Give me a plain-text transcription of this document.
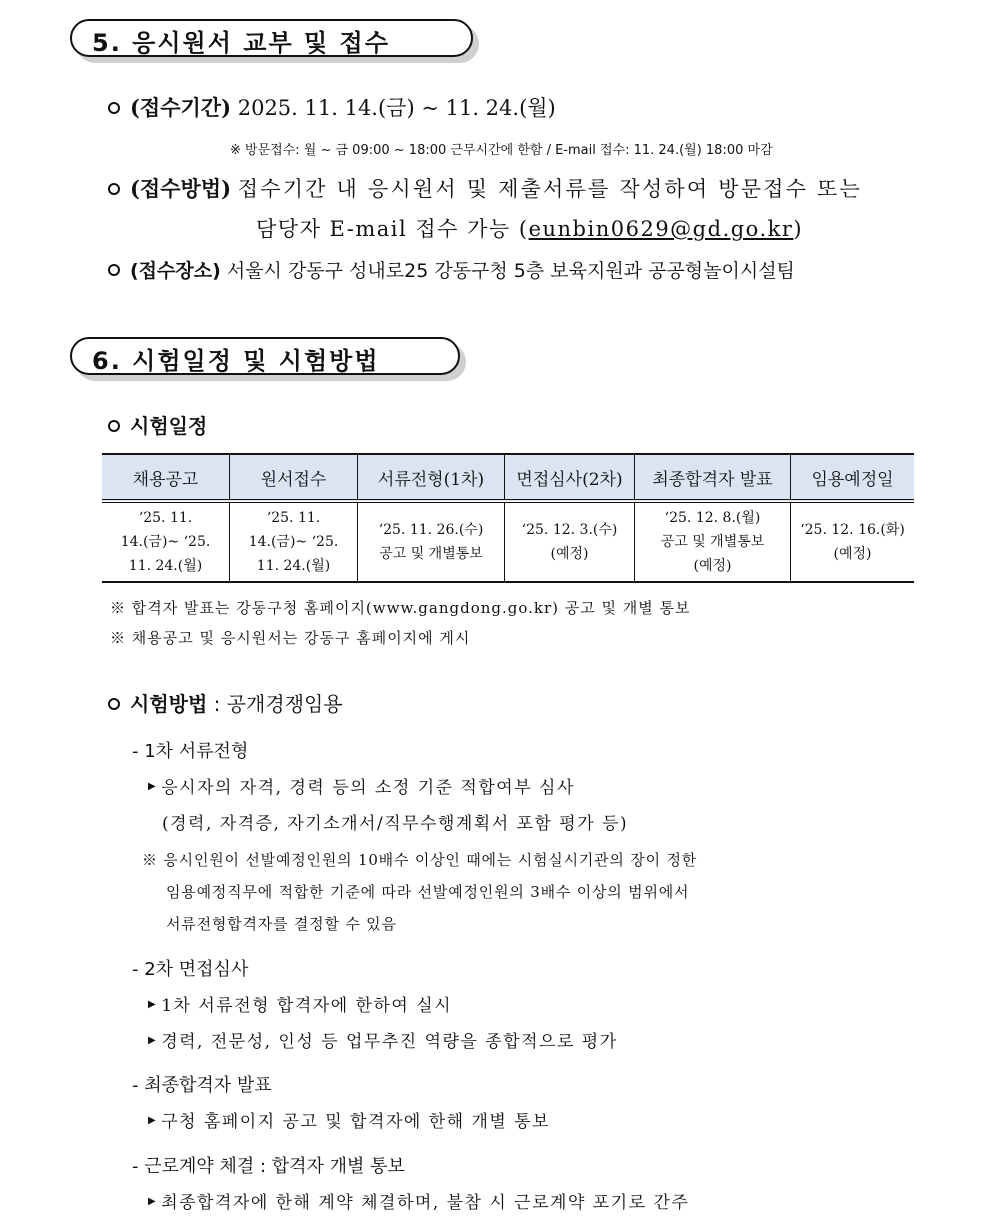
5. 응시원서 교부 및 접수
(접수기간) 2025. 11. 14.(금) ~ 11. 24.(월)
※ 방문접수: 월 ~ 금 09:00 ~ 18:00 근무시간에 한함 / E-mail 접수: 11. 24.(월) 18:00 마감
(접수방법) 접수기간 내 응시원서 및 제출서류를 작성하여 방문접수 또는
담당자 E-mail 접수 가능 (eunbin0629@gd.go.kr)
(접수장소) 서울시 강동구 성내로25 강동구청 5층 보육지원과 공공형놀이시설팀
6. 시험일정 및 시험방법
시험일정
채용공고	원서접수	서류전형(1차)	면접심사(2차)	최종합격자 발표	임용예정일

‘25. 11.
14.(금)~ ‘25.
11. 24.(월)	‘25. 11.
14.(금)~ ‘25.
11. 24.(월)	‘25. 11. 26.(수)
공고 및 개별통보	‘25. 12. 3.(수)
(예정)	‘25. 12. 8.(월)
공고 및 개별통보
(예정)	‘25. 12. 16.(화)
(예정)
※ 합격자 발표는 강동구청 홈페이지(www.gangdong.go.kr) 공고 및 개별 통보
※ 채용공고 및 응시원서는 강동구 홈페이지에 게시
시험방법 : 공개경쟁임용
- 1차 서류전형
▶ 응시자의 자격, 경력 등의 소정 기준 적합여부 심사
(경력, 자격증, 자기소개서/직무수행계획서 포함 평가 등)
※ 응시인원이 선발예정인원의 10배수 이상인 때에는 시험실시기관의 장이 정한
임용예정직무에 적합한 기준에 따라 선발예정인원의 3배수 이상의 범위에서
서류전형합격자를 결정할 수 있음
- 2차 면접심사
▶ 1차 서류전형 합격자에 한하여 실시
▶ 경력, 전문성, 인성 등 업무추진 역량을 종합적으로 평가
- 최종합격자 발표
▶ 구청 홈페이지 공고 및 합격자에 한해 개별 통보
- 근로계약 체결 : 합격자 개별 통보
▶ 최종합격자에 한해 계약 체결하며, 불참 시 근로계약 포기로 간주
